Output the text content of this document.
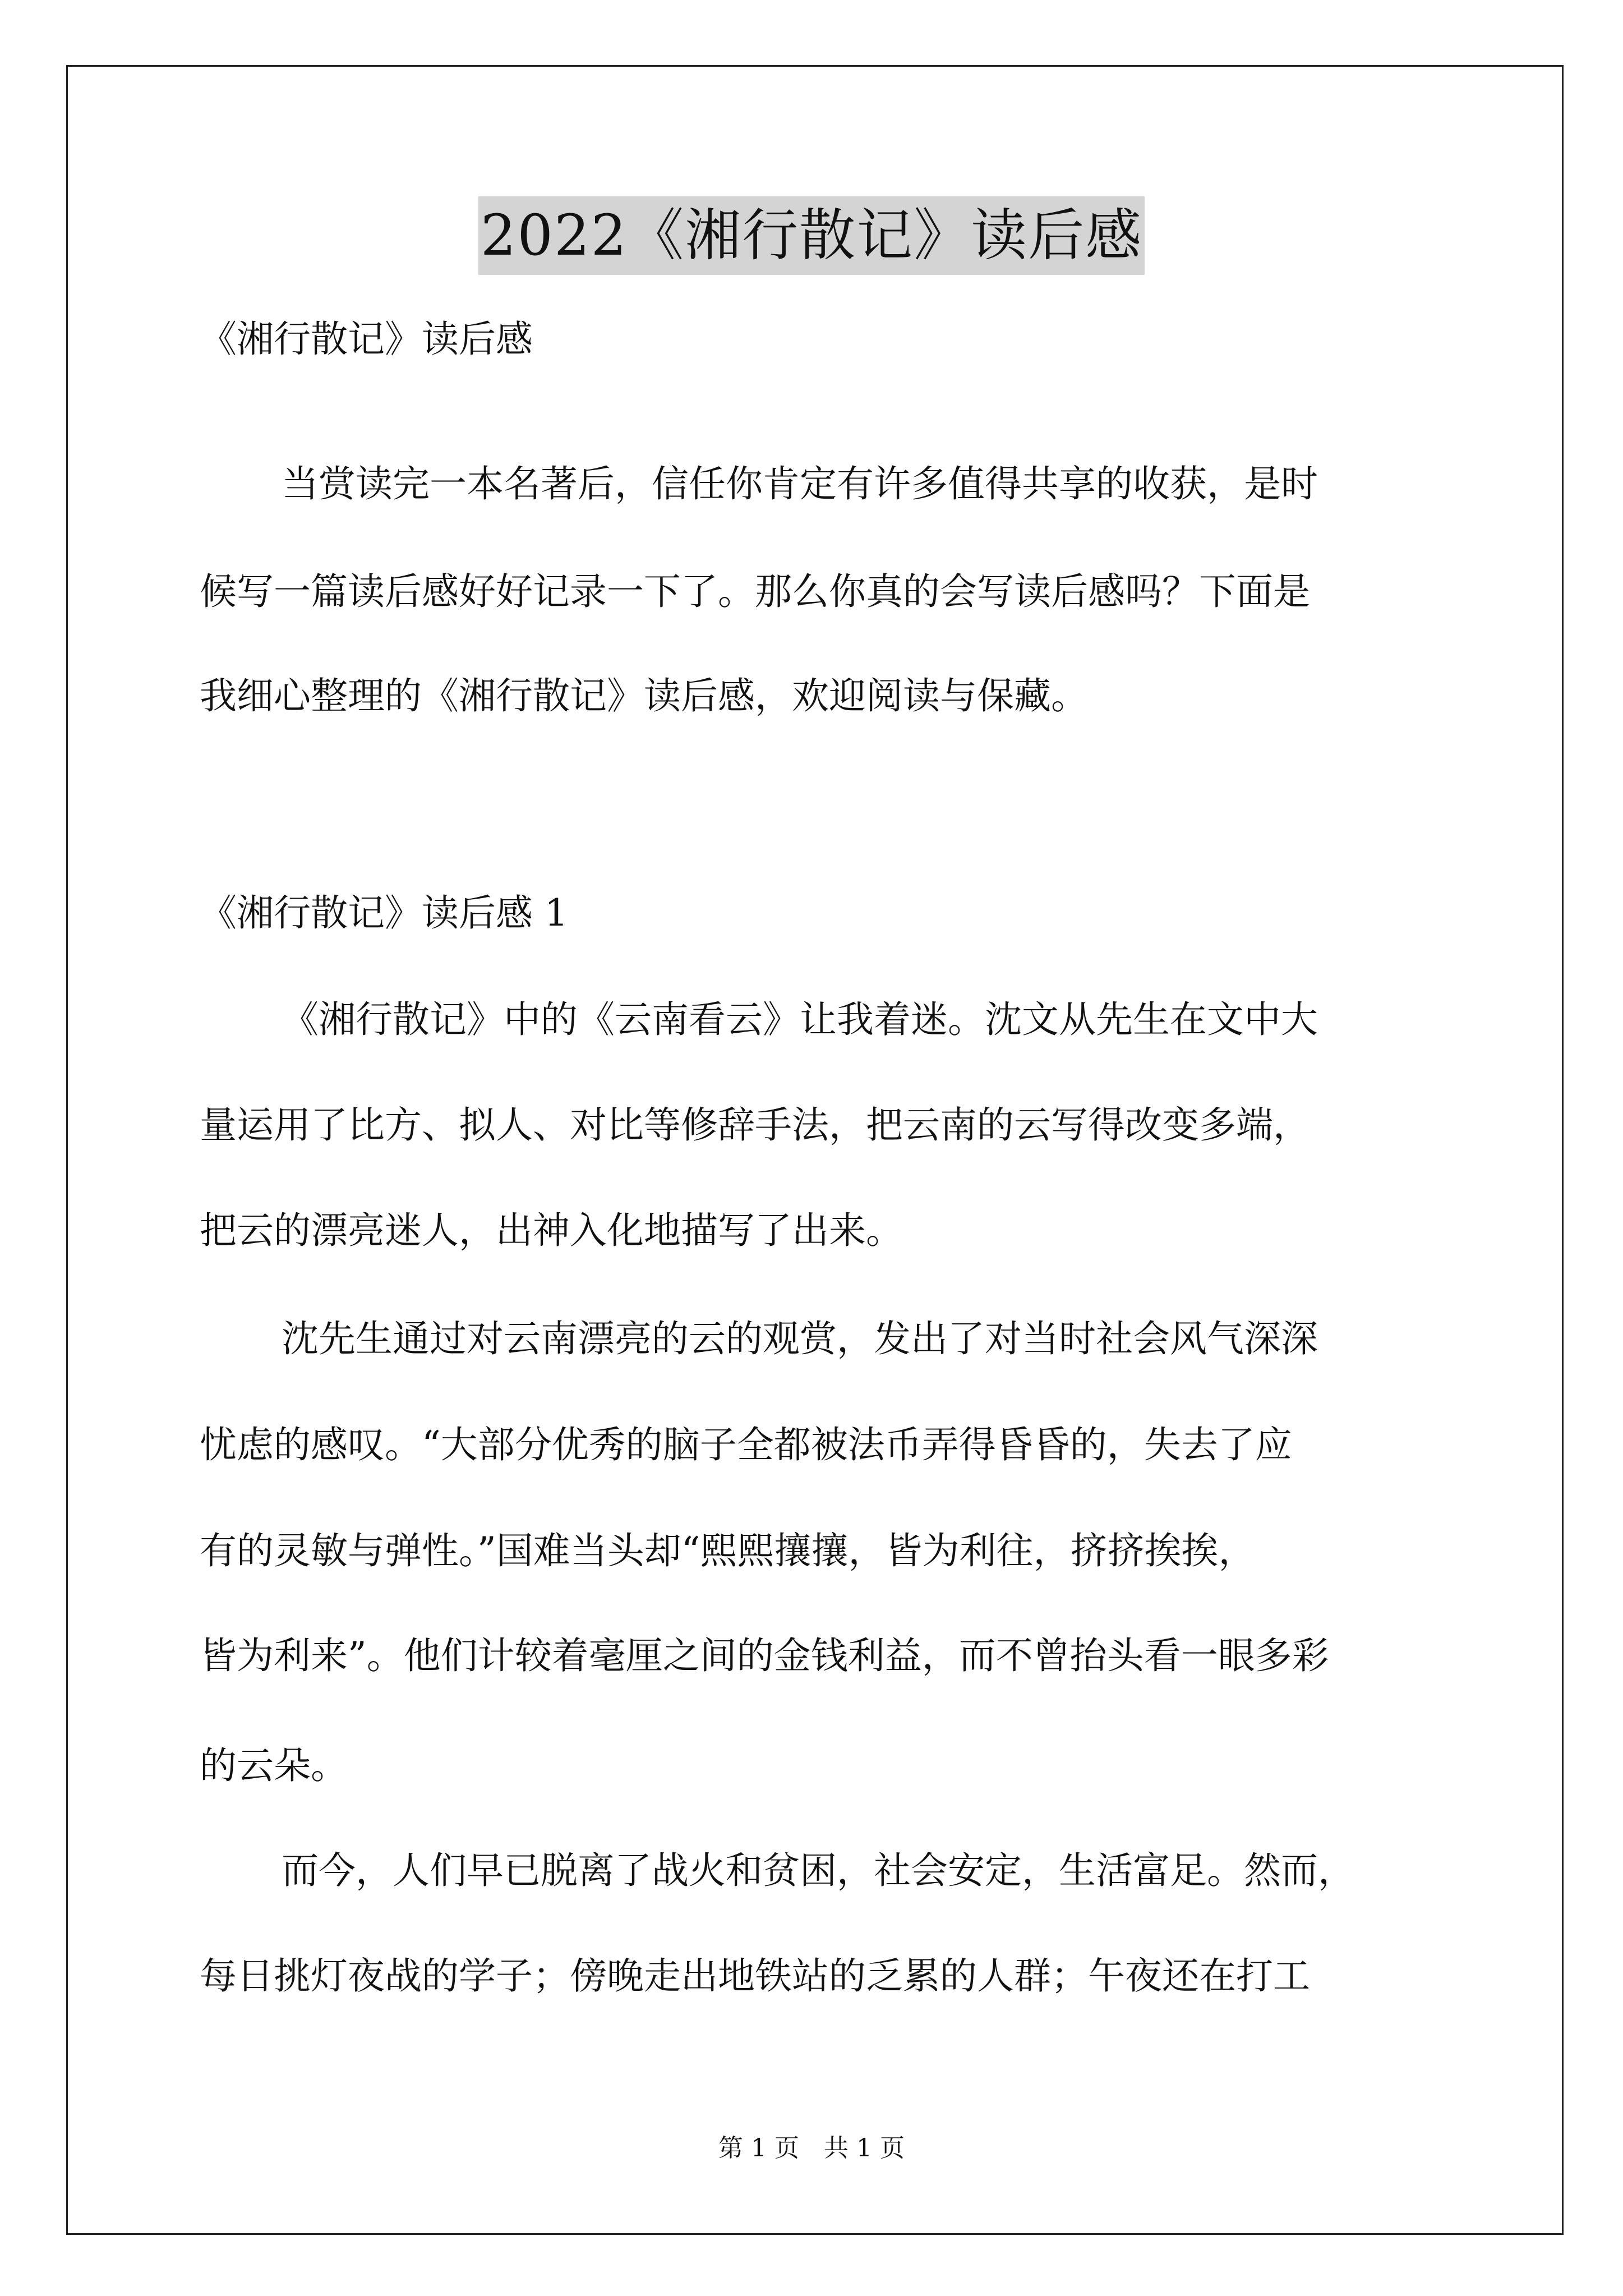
2022《湘行散记》读后感
《湘行散记》读后感
当赏读完一本名著后，信任你肯定有许多值得共享的收获，是时
候写一篇读后感好好记录一下了。那么你真的会写读后感吗？下面是
我细心整理的《湘行散记》读后感，欢迎阅读与保藏。
《湘行散记》读后感 1
《湘行散记》中的《云南看云》让我着迷。沈文从先生在文中大
量运用了比方、拟人、对比等修辞手法，把云南的云写得改变多端，
把云的漂亮迷人，出神入化地描写了出来。
沈先生通过对云南漂亮的云的观赏，发出了对当时社会风气深深
忧虑的感叹。“大部分优秀的脑子全都被法币弄得昏昏的，失去了应
有的灵敏与弹性。”国难当头却“熙熙攘攘，皆为利往，挤挤挨挨，
皆为利来”。他们计较着毫厘之间的金钱利益，而不曾抬头看一眼多彩
的云朵。
而今，人们早已脱离了战火和贫困，社会安定，生活富足。然而，
每日挑灯夜战的学子；傍晚走出地铁站的乏累的人群；午夜还在打工
第 1 页　共 1 页
